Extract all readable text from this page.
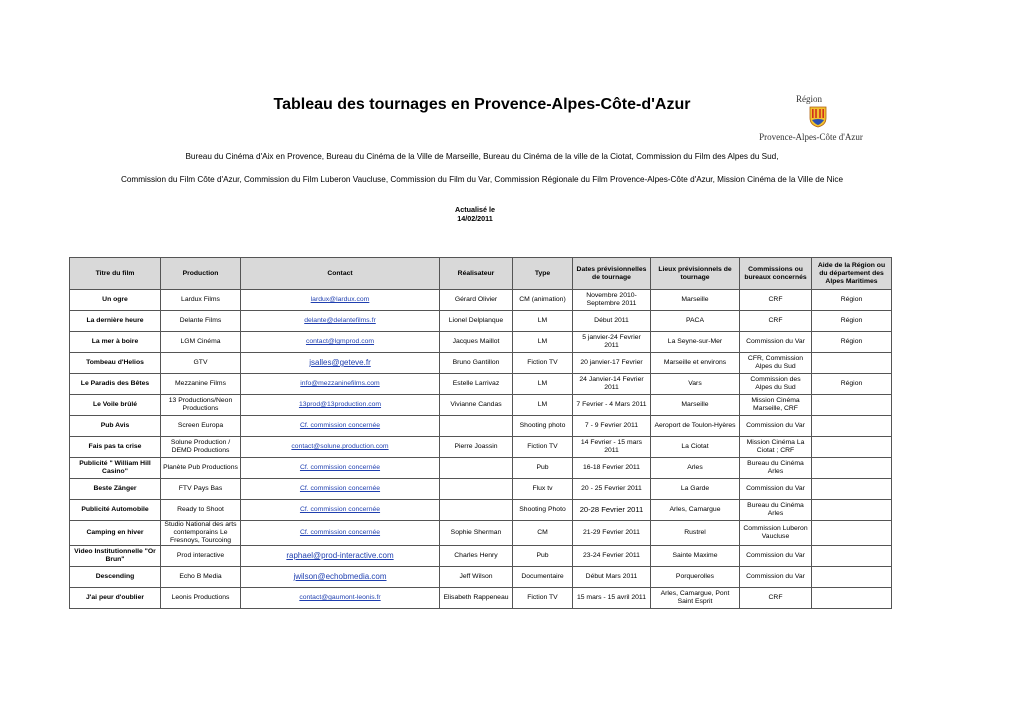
Tableau des tournages en Provence-Alpes-Côte-d'Azur	Région
Provence-Alpes-Côte d'Azur
Bureau du Cinéma d'Aix en Provence, Bureau du Cinéma de la Ville de Marseille, Bureau du Cinéma de la ville de la Ciotat, Commission du Film des Alpes du Sud,
Commission du Film Côte d'Azur, Commission du Film Luberon Vaucluse, Commission du Film du Var, Commission Régionale du Film Provence-Alpes-Côte d'Azur, Mission Cinéma de la Ville de Nice
Actualisé le
14/02/2011
Titre du film	Production	Contact	Réalisateur	Type	Dates prévisionnelles de tournage	Lieux prévisionnels de tournage	Commissions ou bureaux concernés	Aide de la Région ou du département des Alpes Maritimes
Un ogre	Lardux Films	lardux@lardux.com	Gérard Olivier	CM (animation)	Novembre 2010- Septembre 2011	Marseille	CRF	Région
La dernière heure	Delante Films	delante@delantefilms.fr	Lionel Delplanque	LM	Début 2011	PACA	CRF	Région
La mer à boire	LGM Cinéma	contact@lgmprod.com	Jacques Maillot	LM	5 janvier-24 Fevrier 2011	La Seyne-sur-Mer	Commission du Var	Région
Tombeau d'Helios	GTV	jsalles@geteve.fr	Bruno Gantillon	Fiction TV	20 janvier-17 Fevrier	Marseille et environs	CFR, Commission Alpes du Sud	
Le Paradis des Bêtes	Mezzanine Films	info@mezzaninefilms.com	Estelle Larrivaz	LM	24 Janvier-14 Fevrier 2011	Vars	Commission des Alpes du Sud	Région
Le Voile brûlé	13 Productions/Neon Productions	13prod@13production.com	Vivianne Candas	LM	7 Fevrier - 4 Mars 2011	Marseille	Mission Cinéma Marseille, CRF	
Pub Avis	Screen Europa	Cf. commission concernée		Shooting photo	7 - 9 Fevrier 2011	Aeroport de Toulon-Hyères	Commission du Var	
Fais pas ta crise	Solune Production / DEMD Productions	contact@solune.production.com	Pierre Joassin	Fiction TV	14 Fevrier - 15 mars 2011	La Ciotat	Mission Cinéma La Ciotat ; CRF	
Publicité " William Hill Casino"	Planète Pub Productions	Cf. commission concernée		Pub	16-18 Fevrier 2011	Arles	Bureau du Cinéma Arles	
Beste Zänger	FTV Pays Bas	Cf. commission concernée		Flux tv	20 - 25 Fevrier 2011	La Garde	Commission du Var	
Publicité Automobile	Ready to Shoot	Cf. commission concernée		Shooting Photo	20-28 Fevrier 2011	Arles, Camargue	Bureau du Cinéma Arles	
Camping en hiver	Studio National des arts contemporains Le Fresnoys, Tourcoing	Cf. commission concernée	Sophie Sherman	CM	21-29 Fevrier 2011	Rustrel	Commission Luberon Vaucluse	
Video Institutionnelle "Or Brun"	Prod interactive	raphael@prod-interactive.com	Charles Henry	Pub	23-24 Fevrier 2011	Sainte Maxime	Commission du Var	
Descending	Echo B Media	jwilson@echobmedia.com	Jeff Wilson	Documentaire	Début Mars 2011	Porquerolles	Commission du Var	
J'ai peur d'oublier	Leonis Productions	contact@gaumont-leonis.fr	Elisabeth Rappeneau	Fiction TV	15 mars - 15 avril 2011	Arles, Camargue, Pont Saint Esprit	CRF	
